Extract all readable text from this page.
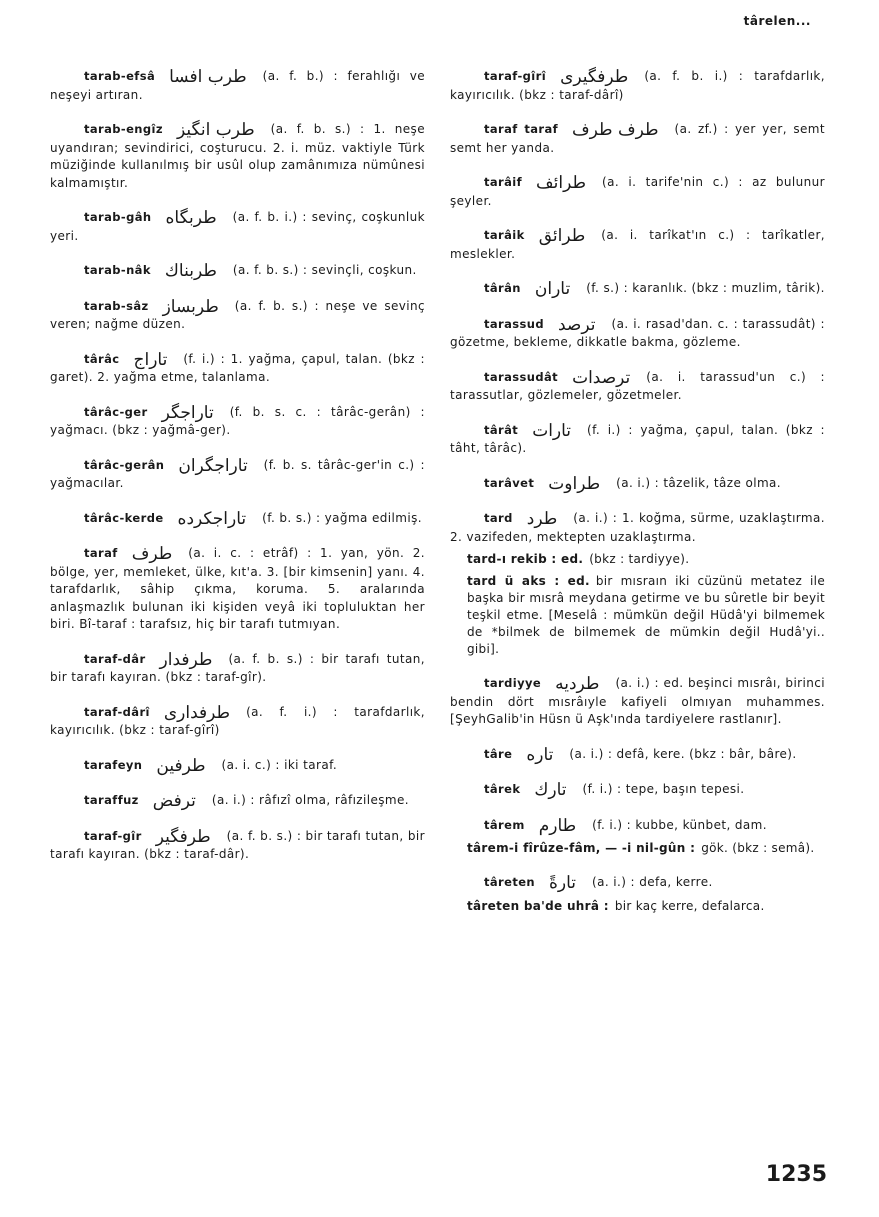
târelen...
tarab-efsâ طرب افسا (a. f. b.) : ferahlığı ve neşeyi artıran.
tarab-engîz طرب انگیز (a. f. b. s.) : 1. neşe uyandıran; sevindirici, coşturucu. 2. i. müz. vaktiyle Türk müziğinde kullanılmış bir usûl olup zamânımıza nümûnesi kalmamıştır.
tarab-gâh طربگاه (a. f. b. i.) : sevinç, coşkunluk yeri.
tarab-nâk طربناك (a. f. b. s.) : sevinçli, coşkun.
tarab-sâz طربساز (a. f. b. s.) : neşe ve sevinç veren; nağme düzen.
târâc تاراج (f. i.) : 1. yağma, çapul, talan. (bkz : garet). 2. yağma etme, talanlama.
târâc-ger تاراجگر (f. b. s. c. : târâc-gerân) : yağmacı. (bkz : yağmâ-ger).
târâc-gerân تاراجگران (f. b. s. târâc-ger'in c.) : yağmacılar.
târâc-kerde تاراجکرده (f. b. s.) : yağma edilmiş.
taraf طرف (a. i. c. : etrâf) : 1. yan, yön. 2. bölge, yer, memleket, ülke, kıt'a. 3. [bir kimsenin] yanı. 4. tarafdarlık, sâhip çıkma, koruma. 5. aralarında anlaşmazlık bulunan iki kişiden veyâ iki topluluktan her biri. Bî-taraf : tarafsız, hiç bir tarafı tutmıyan.
taraf-dâr طرفدار (a. f. b. s.) : bir tarafı tutan, bir tarafı kayıran. (bkz : taraf-gîr).
taraf-dârî طرفداری (a. f. i.) : tarafdarlık, kayırıcılık. (bkz : taraf-gîrî)
tarafeyn طرفین (a. i. c.) : iki taraf.
taraffuz ترفض (a. i.) : râfızî olma, râfızileşme.
taraf-gîr طرفگیر (a. f. b. s.) : bir tarafı tutan, bir tarafı kayıran. (bkz : taraf-dâr).
taraf-gîrî طرفگیری (a. f. b. i.) : tarafdarlık, kayırıcılık. (bkz : taraf-dârî)
taraf taraf طرف طرف (a. zf.) : yer yer, semt semt her yanda.
tarâif طرائف (a. i. tarife'nin c.) : az bulunur şeyler.
tarâik طرائق (a. i. tarîkat'ın c.) : tarîkatler, meslekler.
târân تاران (f. s.) : karanlık. (bkz : muzlim, târik).
tarassud ترصد (a. i. rasad'dan. c. : tarassudât) : gözetme, bekleme, dikkatle bakma, gözleme.
tarassudât ترصدات (a. i. tarassud'un c.) : tarassutlar, gözlemeler, gözetmeler.
târât تارات (f. i.) : yağma, çapul, talan. (bkz : tâht, târâc).
tarâvet طراوت (a. i.) : tâzelik, tâze olma.
tard طرد (a. i.) : 1. koğma, sürme, uzaklaştırma. 2. vazifeden, mektepten uzaklaştırma.
tard-ı rekib : ed. (bkz : tardiyye).
tard ü aks : ed. bir mısraın iki cüzünü metatez ile başka bir mısrâ meydana getirme ve bu sûretle bir beyit teşkil etme. [Meselâ : mümkün değil Hüdâ'yi bilmemek de *bilmek de bilmemek de mümkin değil Hudâ'yi.. gibi].
tardiyye طردیه (a. i.) : ed. beşinci mısrâı, birinci bendin dört mısrâıyle kafiyeli olmıyan muhammes. [ŞeyhGalib'in Hüsn ü Aşk'ında tardiyelere rastlanır].
târe تاره (a. i.) : defâ, kere. (bkz : bâr, bâre).
târek تارك (f. i.) : tepe, başın tepesi.
târem طارم (f. i.) : kubbe, künbet, dam.
târem-i fîrûze-fâm, — -i nil-gûn : gök. (bkz : semâ).
târeten تارةً (a. i.) : defa, kerre.
târeten ba'de uhrâ : bir kaç kerre, defalarca.
1235
